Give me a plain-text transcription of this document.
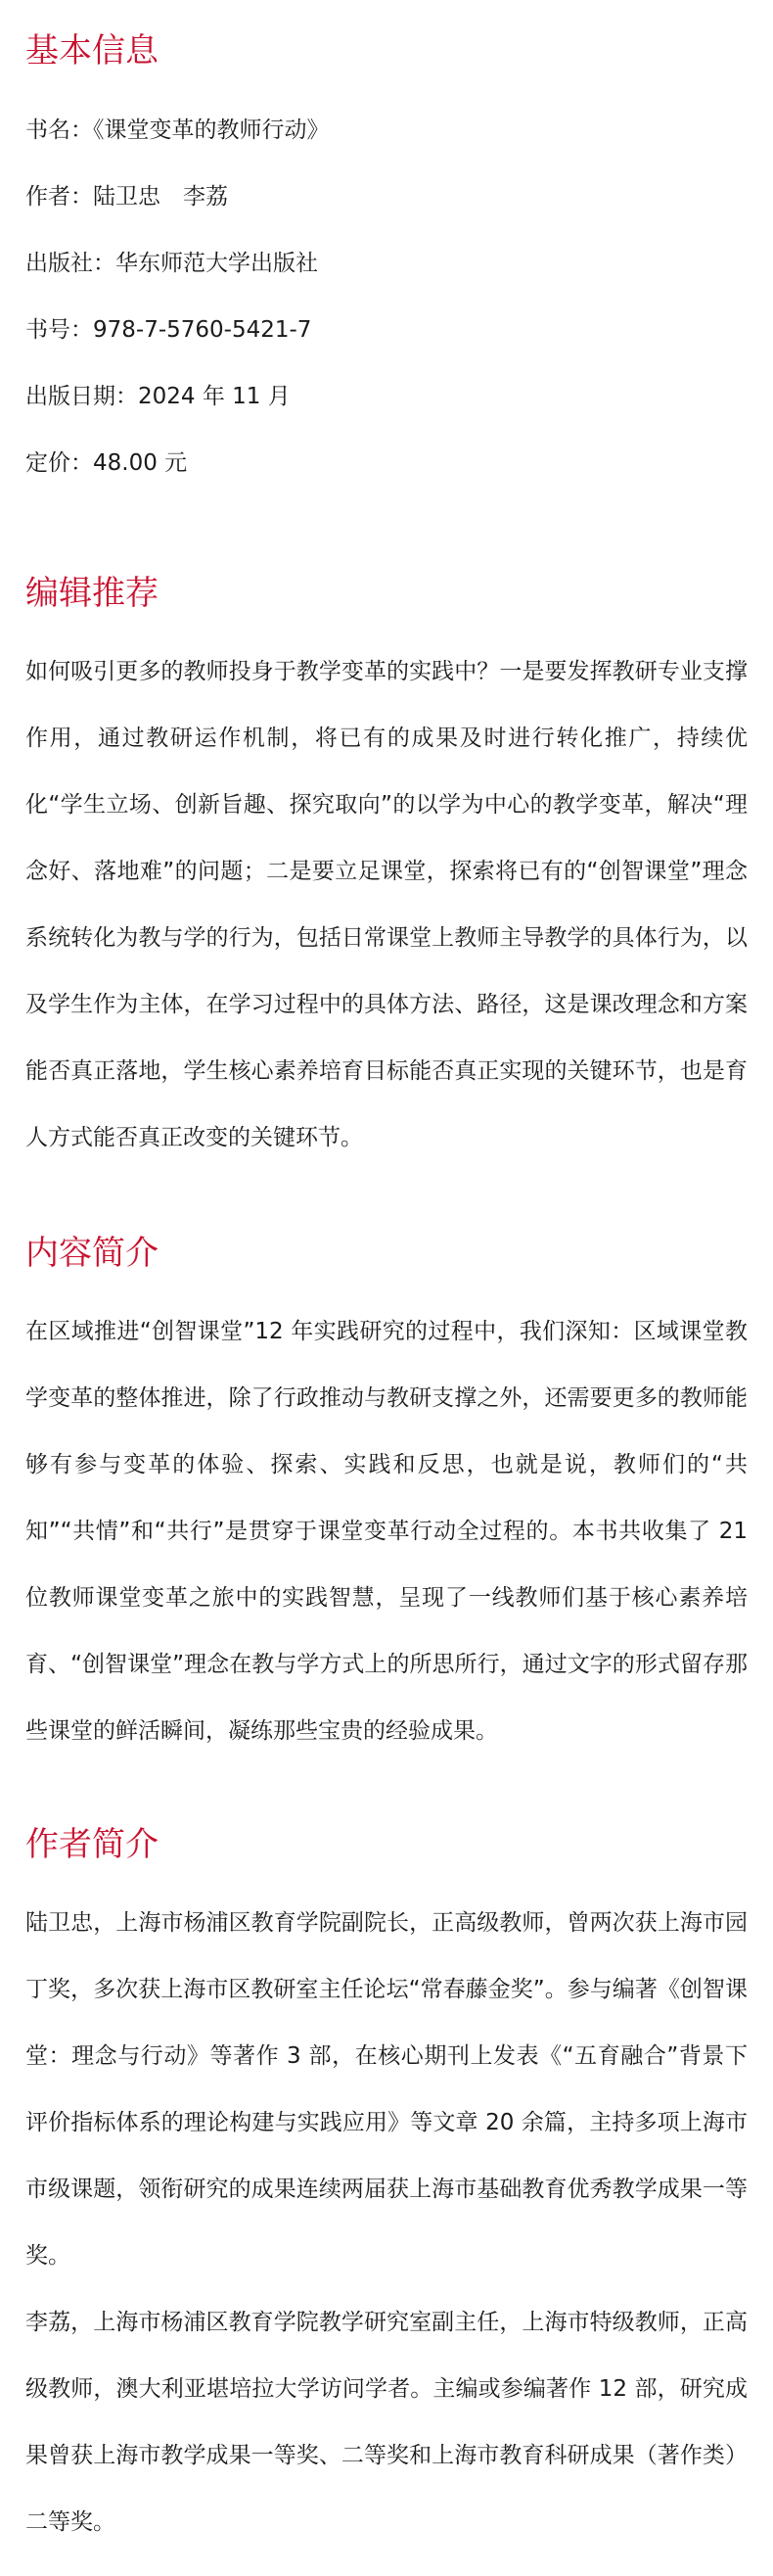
基本信息

书名：《课堂变革的教师行动》

作者：陆卫忠　李荔

出版社：华东师范大学出版社

书号：978-7-5760-5421-7

出版日期：2024 年 11 月

定价：48.00 元

编辑推荐

如何吸引更多的教师投身于教学变革的实践中？一是要发挥教研专业支撑作用，通过教研运作机制，将已有的成果及时进行转化推广，持续优化“学生立场、创新旨趣、探究取向”的以学为中心的教学变革，解决“理念好、落地难”的问题；二是要立足课堂，探索将已有的“创智课堂”理念系统转化为教与学的行为，包括日常课堂上教师主导教学的具体行为，以及学生作为主体，在学习过程中的具体方法、路径，这是课改理念和方案能否真正落地，学生核心素养培育目标能否真正实现的关键环节，也是育人方式能否真正改变的关键环节。

内容简介

在区域推进“创智课堂”12 年实践研究的过程中，我们深知：区域课堂教学变革的整体推进，除了行政推动与教研支撑之外，还需要更多的教师能够有参与变革的体验、探索、实践和反思，也就是说，教师们的“共知”“共情”和“共行”是贯穿于课堂变革行动全过程的。本书共收集了 21 位教师课堂变革之旅中的实践智慧，呈现了一线教师们基于核心素养培育、“创智课堂”理念在教与学方式上的所思所行，通过文字的形式留存那些课堂的鲜活瞬间，凝练那些宝贵的经验成果。

作者简介

陆卫忠，上海市杨浦区教育学院副院长，正高级教师，曾两次获上海市园丁奖，多次获上海市区教研室主任论坛“常春藤金奖”。参与编著《创智课堂：理念与行动》等著作 3 部，在核心期刊上发表《“五育融合”背景下评价指标体系的理论构建与实践应用》等文章 20 余篇，主持多项上海市市级课题，领衔研究的成果连续两届获上海市基础教育优秀教学成果一等奖。

李荔，上海市杨浦区教育学院教学研究室副主任，上海市特级教师，正高级教师，澳大利亚堪培拉大学访问学者。主编或参编著作 12 部，研究成果曾获上海市教学成果一等奖、二等奖和上海市教育科研成果（著作类）二等奖。
